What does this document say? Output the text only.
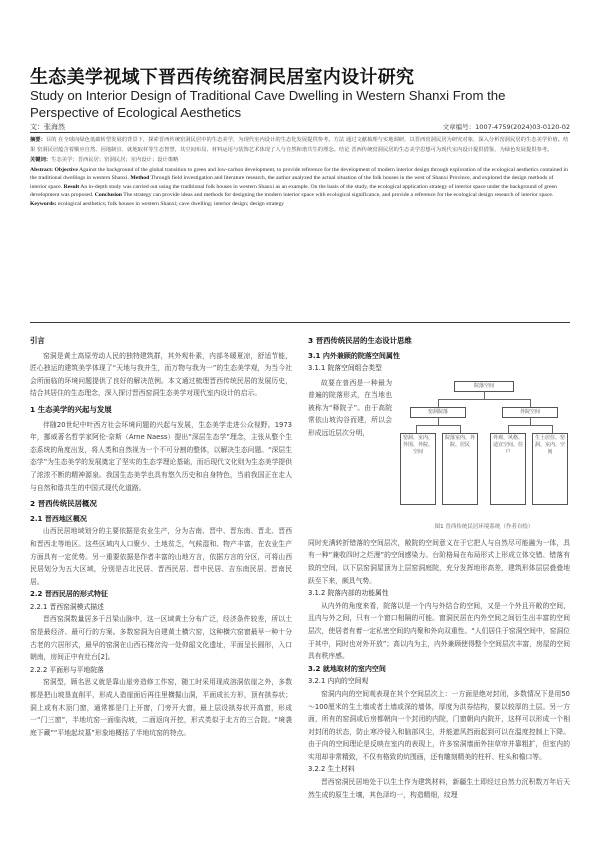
生态美学视域下晋西传统窑洞民居室内设计研究
Study on Interior Design of Traditional Cave Dwelling in Western Shanxi From the Perspective of Ecological Aesthetics
文：张海然	文章编号：1007-4759(2024)03-0120-02

摘要：目的 在全球向绿色低碳转型发展的背景下，探索晋西传统窑洞民居中的生态美学，为现代室内设计的生态化发展提供参考。方法 通过文献梳理与实地调研，以晋西窑洞民居为研究对象，深入分析窑洞民居的生态美学价值。结果 窑洞民居蕴含着顺应自然、因地制宜、就地取材等生态智慧，其空间布局、材料运用与装饰艺术体现了人与自然和谐共生的理念。结论 晋西传统窑洞民居的生态美学思想可为现代室内设计提供借鉴，为绿色发展提供参考。

关键词：生态美学；晋西民居；窑洞民居；室内设计；设计策略

Abstract: Objective Against the background of the global transition to green and low-carbon development, to provide reference for the development of modern interior design through exploration of the ecological aesthetics contained in the traditional dwellings in western Shanxi. Method Through field investigation and literature research, the author analyzed the actual situation of the folk houses in the west of Shanxi Province, and explored the design methods of interior space. Result An in-depth study was carried out using the traditional folk houses in western Shanxi as an example. On the basis of the study, the ecological application strategy of interior space under the background of green development was proposed. Conclusion The strategy can provide ideas and methods for designing the modern interior space with ecological significance, and provide a reference for the ecological design research of interior space.

Keywords: ecological aesthetics; folk houses in western Shanxi; cave dwelling; interior design; design strategy

引言
窑洞是黄土高原劳动人民的独特建筑群，其外观朴素，内部冬暖夏凉，舒适节能，匠心独运的建筑美学体现了“天地与我并生，而万物与我为一”的生态美学观，为当今社会所面临的环境问题提供了良好的解决范例。本文通过梳理晋西传统民居的发展历史，结合其居住的生态理念，深入探讨晋西窑洞生态美学对现代室内设计的启示。
1 生态美学的兴起与发展
伴随20世纪中叶西方社会环境问题的兴起与发展，生态美学走进公众视野。1973年，挪威著名哲学家阿伦·奈斯（Arne Naess）提出“深层生态学”理念，主张从整个生态系统的角度出发，将人类和自然视为一个不可分割的整体，以解决生态问题。“深层生态学”为生态美学的发展奠定了坚实的生态学理论基础，而后现代文化则为生态美学提供了浓浓不断的精神源泉。我国生态美学也具有悠久历史和自身特色，当前我国正在走人与自然和谐共生的中国式现代化道路。
2 晋西传统民居概况
2.1 晋西地区概况
山西民居地域划分的主要依据是农业生产，分为吉南、晋中、晋东南、晋北、晋西和晋西北等地区。这些区域内人口聚少、土地贫乏，气候湿和、物产丰富，在农业生产方面具有一定优势。另一重要依据是作者丰富的山地方言，依据方言的分区，可将山西民居划分为五大区域，分别是吉北民居、晋西民居、晋中民居、吉东南民居、晋南民居。
2.2 晋西民居的形式特征
2.2.1 晋西窑洞模式描述
晋西窑洞数量居多于吕梁山脉中，这一区域黄土分布广泛，经济条件较差，所以土窑是最经济、最可行的方案。多数窑洞为自建黄土横穴窑，这种横穴窑窗最早一种十分古老的穴居形式，最早的窑洞在山西石楼岔沟一处仰韶文化遗址，平面呈长圆形，入口朝南，房间正中有灶台[2]。
2.2.2 平面形与平地院落
窑洞型，顾名思义就是靠山崖旁造修工作窑，随工时采用现成溶洞依崖之外，多数都是把山坡垦直削平，形成人造崖面后再往里横掘山洞，平面成长方形，顶有拱券状；洞上或有木顶门窗，通常都是门上开窗，门旁开大窗，最上层设拱券状开高窗，形成一“门三窗”，半地坑窑一面临沟坡，二面返向开挖，形式类似于北方的三合院。“境袭庭下藏”“平地起坟墓”形象地概括了半地坑窑的特点。
3 晋西传统民居的生态设计思维
3.1 内外兼顾的院落空间属性
3.1.1 院落空间组合类型
故要在普西是一种最为普遍的院落形式，在当地也被称为“释院子”。由于高院常依山坡沟谷而建，所以会形成远近层次分明，
院落空间
窑洞院落	外院空间
窑洞、室内、外围、外院、空间
院落室内、外院、居民
外观、风格、适宜空间、住户
生土居住、窑洞、室内、空间
图1 晋西传统民居环境系统（作者自绘）
同时充满转折错落的空间层次，敞院的空间意义在于它把人与自然尽可能融为一体，具有一种“兼收四时之烂漫”的空间感染力。台阶格局在布局形式上形成立体交错、错落有致的空间，以下层窑洞屋顶为上层窑洞庭院，充分发挥地形高差，建筑形体层层叠叠地跃至下来，颇具气势。
3.1.2 院落内部的功能属性
从内外的角度来看，院落以是一个内与外结合的空间，又是一个外且开敞的空间，且内与外之间，只有一个窗口相隔的可能。窗洞民居在内外空间之间衍生出丰富的空间层次，使居者有着一定私密空间的内聚和外向双重性。“人们居住于窑洞空间中，窑洞位于其中，同时也对外开放”；高以内为主，内外兼顾使得整个空间层次丰富，房屋的空间具有秩序感。
3.2 就地取材的室内空间
3.2.1 内向的空间观
窑洞内向的空间观表现在其个空间层次上：一方面是绝对封闭，多数情况下是用50～100厘米的生土墙或者土墙或深的墙体，厚度为洪券结构，要以较厚的土层。另一方面，所有的窑洞或后房都朝向一个封闭的内院，门窗朝向内院开，这样可以形成一个相对封闭的状态，防止寒冷侵入和脑部风尘，并能遮风挡雨起到可以在温度控制上下降。由于向的空间理论是反映在室内的表现上，许多窑洞墙面外挂草帘并靠粗扩，但室内的实用却非常精致，不仅有格致的炕围画，还有雕刻精美的柱杆、柱头和檐口等。
3.2.2 生土材料
晋西窑洞民居地处于以生土作为建筑材料，新疆生土即经过自然力沉积数万年后天然生成的原生土壤，其色泽均一，构造精细，纹理
